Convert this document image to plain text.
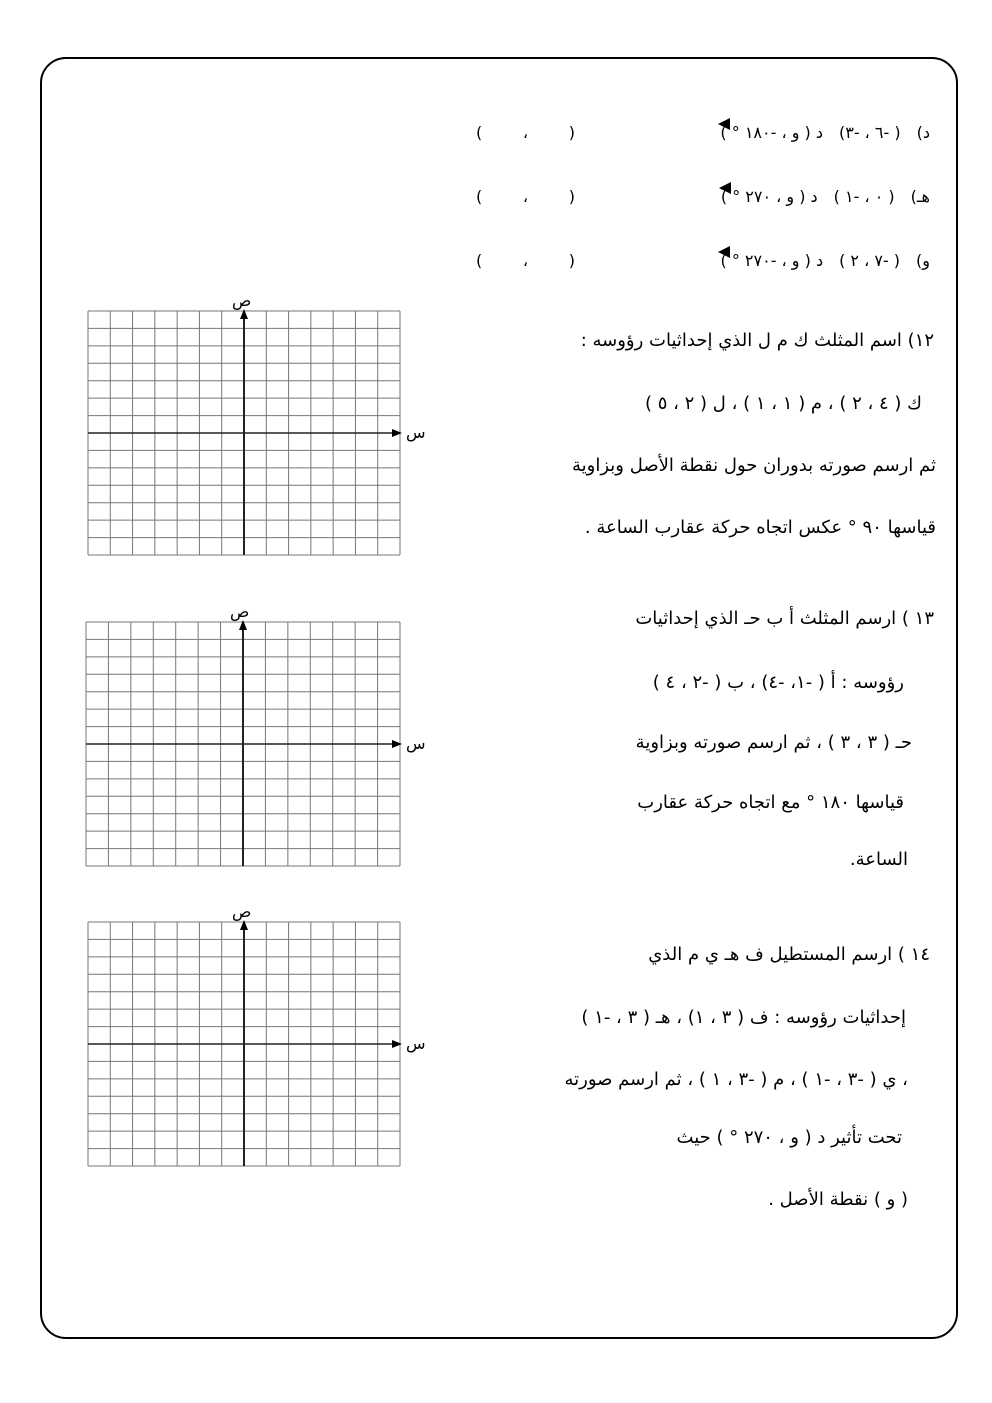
د)
( -٦ ، -٣)
د ( و ، -١٨٠ ° )
(        ،        )
هـ)
( ٠ ، -١ )
د ( و ، ٢٧٠ ° )
(        ،        )
و)
( -٧ ، ٢ )
د ( و ، -٢٧٠ ° )
(        ،        )
١٢) اسم المثلث ك م ل الذي إحداثيات رؤوسه :
ك ( ٤ ، ٢ ) ، م ( ١ ، ١ ) ، ل ( ٢ ، ٥ )
ثم ارسم صورته بدوران حول نقطة الأصل وبزاوية
قياسها ٩٠ ° عكس اتجاه حركة عقارب الساعة .
١٣ ) ارسم المثلث أ ب حـ الذي إحداثيات
رؤوسه : أ ( -١، -٤) ، ب ( -٢ ، ٤ )
حـ ( ٣ ، ٣ ) ، ثم ارسم صورته وبزاوية
قياسها ١٨٠ ° مع اتجاه حركة عقارب
الساعة.
١٤ ) ارسم المستطيل ف هـ ي م الذي
إحداثيات رؤوسه : ف ( ٣ ، ١) ، هـ ( ٣ ، -١ )
، ي ( -٣ ، -١ ) ، م ( -٣ ، ١ ) ، ثم ارسم صورته
تحت تأثير د ( و ، ٢٧٠ ° ) حيث
( و ) نقطة الأصل .
ص
س
ص
س
ص
س
